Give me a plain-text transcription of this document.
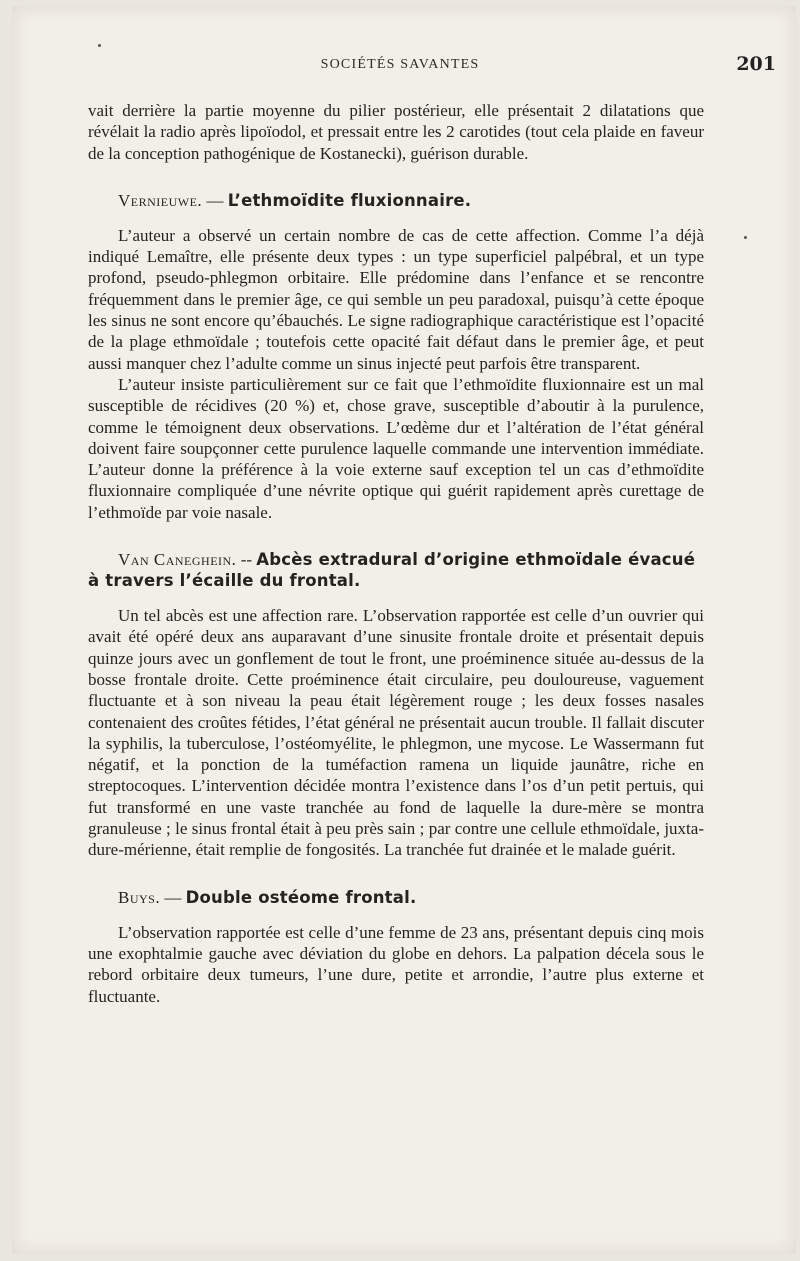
SOCIÉTÉS SAVANTES	201

vait derrière la partie moyenne du pilier postérieur, elle présentait 2 dilatations que révélait la radio après lipoïodol, et pressait entre les 2 carotides (tout cela plaide en faveur de la conception pathogénique de Kostanecki), guérison durable.

Vernieuwe. — L’ethmoïdite fluxionnaire.

L’auteur a observé un certain nombre de cas de cette affection. Comme l’a déjà indiqué Lemaître, elle présente deux types : un type superficiel palpébral, et un type profond, pseudo-phlegmon orbitaire. Elle prédomine dans l’enfance et se rencontre fréquemment dans le premier âge, ce qui semble un peu paradoxal, puisqu’à cette époque les sinus ne sont encore qu’ébauchés. Le signe radiographique caractéristique est l’opacité de la plage ethmoïdale ; toutefois cette opacité fait défaut dans le premier âge, et peut aussi manquer chez l’adulte comme un sinus injecté peut parfois être transparent.

L’auteur insiste particulièrement sur ce fait que l’ethmoïdite fluxionnaire est un mal susceptible de récidives (20 %) et, chose grave, susceptible d’aboutir à la purulence, comme le témoignent deux observations. L’œdème dur et l’altération de l’état général doivent faire soupçonner cette purulence laquelle commande une intervention immédiate. L’auteur donne la préférence à la voie externe sauf exception tel un cas d’ethmoïdite fluxionnaire compliquée d’une névrite optique qui guérit rapidement après curettage de l’ethmoïde par voie nasale.

Van Caneghein. -- Abcès extradural d’origine ethmoïdale évacué à travers l’écaille du frontal.

Un tel abcès est une affection rare. L’observation rapportée est celle d’un ouvrier qui avait été opéré deux ans auparavant d’une sinusite frontale droite et présentait depuis quinze jours avec un gonflement de tout le front, une proéminence située au-dessus de la bosse frontale droite. Cette proéminence était circulaire, peu douloureuse, vaguement fluctuante et à son niveau la peau était légèrement rouge ; les deux fosses nasales contenaient des croûtes fétides, l’état général ne présentait aucun trouble. Il fallait discuter la syphilis, la tuberculose, l’ostéomyélite, le phlegmon, une mycose. Le Wassermann fut négatif, et la ponction de la tuméfaction ramena un liquide jaunâtre, riche en streptocoques. L’intervention décidée montra l’existence dans l’os d’un petit pertuis, qui fut transformé en une vaste tranchée au fond de laquelle la dure-mère se montra granuleuse ; le sinus frontal était à peu près sain ; par contre une cellule ethmoïdale, juxta-dure-mérienne, était remplie de fongosités. La tranchée fut drainée et le malade guérit.

Buys. — Double ostéome frontal.

L’observation rapportée est celle d’une femme de 23 ans, présentant depuis cinq mois une exophtalmie gauche avec déviation du globe en dehors. La palpation décela sous le rebord orbitaire deux tumeurs, l’une dure, petite et arrondie, l’autre plus externe et fluctuante.
